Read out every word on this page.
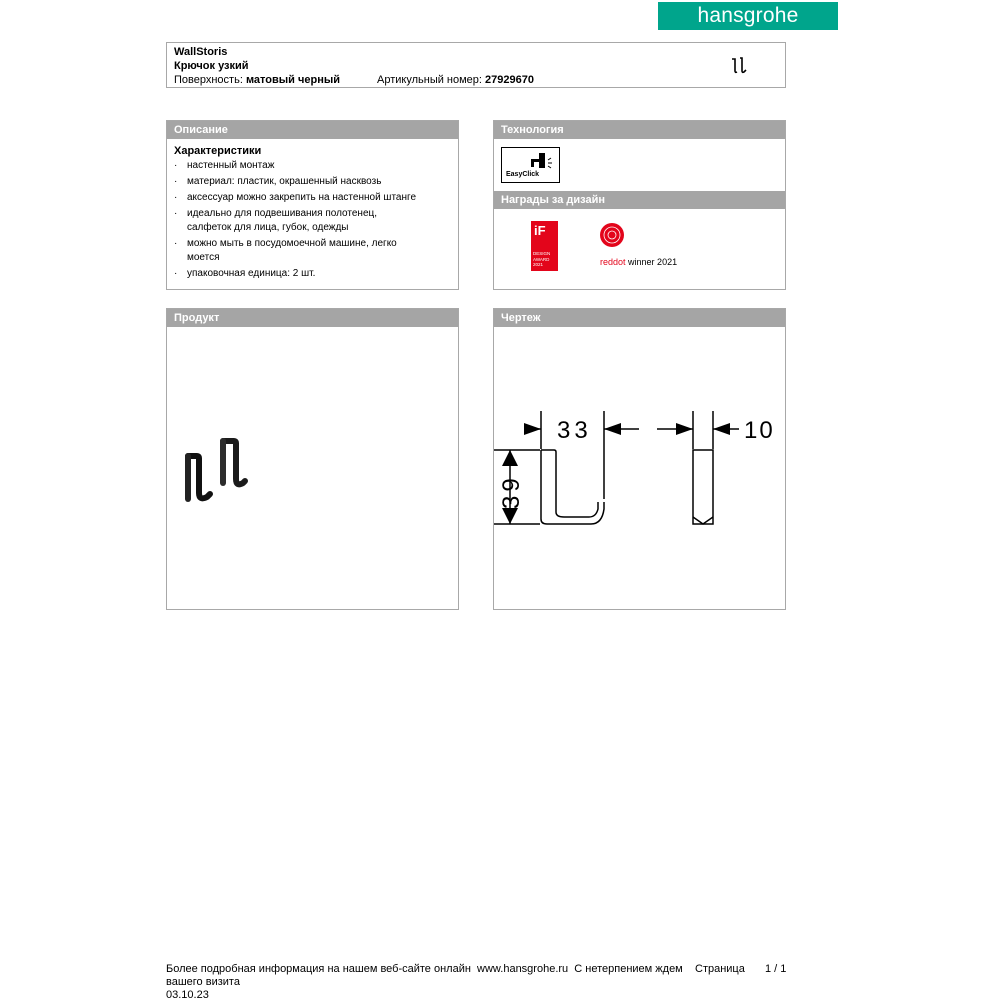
hansgrohe
WallStoris
Крючок узкий
Поверхность: матовый черный	Артикульный номер: 27929670
Описание
Характеристики
· настенный монтаж
· материал: пластик, окрашенный насквозь
· аксессуар можно закрепить на настенной штанге
· идеально для подвешивания полотенец, салфеток для лица, губок, одежды
· можно мыть в посудомоечной машине, легко моется
· упаковочная единица: 2 шт.
Технология
EasyClick
Награды за дизайн
iF
DESIGN
AWARD
2021	reddot winner 2021
Продукт	Чертеж
33	10
39
Более подробная информация на нашем веб-сайте онлайн www.hansgrohe.ru С нетерпением ждем Страница 1 / 1
вашего визита
03.10.23
